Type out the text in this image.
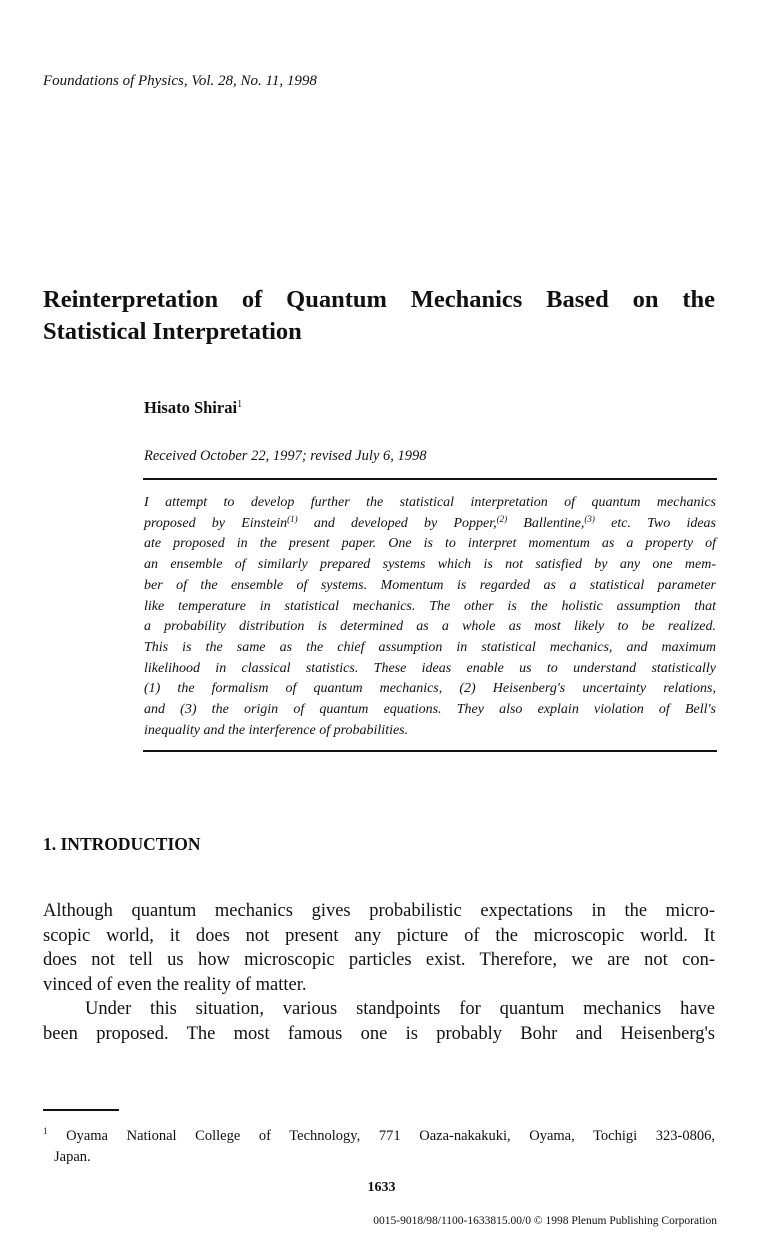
Foundations of Physics, Vol. 28, No. 11, 1998
Reinterpretation of Quantum Mechanics Based on the
Statistical Interpretation
Hisato Shirai$^1$
Received October 22, 1997; revised July 6, 1998
I attempt to develop further the statistical interpretation of quantum mechanics
proposed by Einstein$^{(1)}$ and developed by Popper,$^{(2)}$ Ballentine,$^{(3)}$ etc. Two ideas
ate proposed in the present paper. One is to interpret momentum as a property of
an ensemble of similarly prepared systems which is not satisfied by any one mem-
ber of the ensemble of systems. Momentum is regarded as a statistical parameter
like temperature in statistical mechanics. The other is the holistic assumption that
a probability distribution is determined as a whole as most likely to be realized.
This is the same as the chief assumption in statistical mechanics, and maximum
likelihood in classical statistics. These ideas enable us to understand statistically
(1) the formalism of quantum mechanics, (2) Heisenberg's uncertainty relations,
and (3) the origin of quantum equations. They also explain violation of Bell's
inequality and the interference of probabilities.
1. INTRODUCTION
Although quantum mechanics gives probabilistic expectations in the micro-
scopic world, it does not present any picture of the microscopic world. It
does not tell us how microscopic particles exist. Therefore, we are not con-
vinced of even the reality of matter.
Under this situation, various standpoints for quantum mechanics have
been proposed. The most famous one is probably Bohr and Heisenberg's
$^1$ Oyama National College of Technology, 771 Oaza-nakakuki, Oyama, Tochigi 323-0806,
Japan.
1633
0015-9018/98/1100-1633815.00/0 © 1998 Plenum Publishing Corporation
